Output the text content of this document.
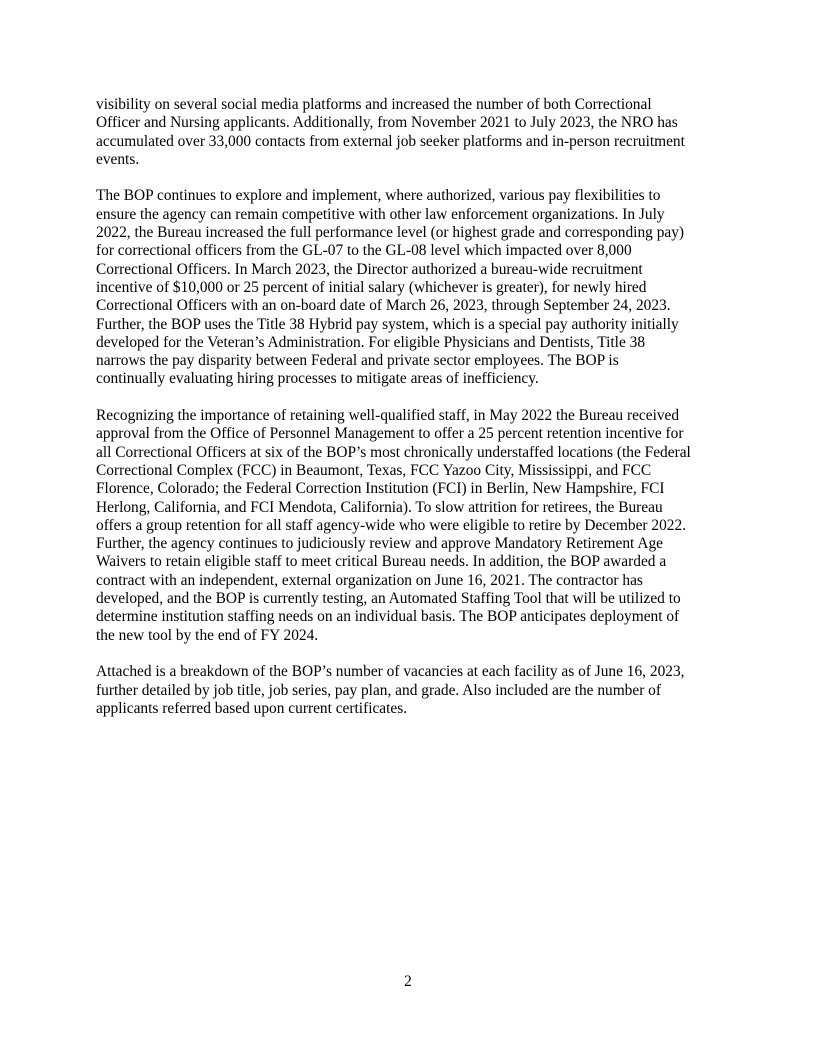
visibility on several social media platforms and increased the number of both Correctional
Officer and Nursing applicants. Additionally, from November 2021 to July 2023, the NRO has
accumulated over 33,000 contacts from external job seeker platforms and in-person recruitment
events.
The BOP continues to explore and implement, where authorized, various pay flexibilities to
ensure the agency can remain competitive with other law enforcement organizations. In July
2022, the Bureau increased the full performance level (or highest grade and corresponding pay)
for correctional officers from the GL-07 to the GL-08 level which impacted over 8,000
Correctional Officers. In March 2023, the Director authorized a bureau-wide recruitment
incentive of $10,000 or 25 percent of initial salary (whichever is greater), for newly hired
Correctional Officers with an on-board date of March 26, 2023, through September 24, 2023.
Further, the BOP uses the Title 38 Hybrid pay system, which is a special pay authority initially
developed for the Veteran’s Administration. For eligible Physicians and Dentists, Title 38
narrows the pay disparity between Federal and private sector employees. The BOP is
continually evaluating hiring processes to mitigate areas of inefficiency.
Recognizing the importance of retaining well-qualified staff, in May 2022 the Bureau received
approval from the Office of Personnel Management to offer a 25 percent retention incentive for
all Correctional Officers at six of the BOP’s most chronically understaffed locations (the Federal
Correctional Complex (FCC) in Beaumont, Texas, FCC Yazoo City, Mississippi, and FCC
Florence, Colorado; the Federal Correction Institution (FCI) in Berlin, New Hampshire, FCI
Herlong, California, and FCI Mendota, California). To slow attrition for retirees, the Bureau
offers a group retention for all staff agency-wide who were eligible to retire by December 2022.
Further, the agency continues to judiciously review and approve Mandatory Retirement Age
Waivers to retain eligible staff to meet critical Bureau needs. In addition, the BOP awarded a
contract with an independent, external organization on June 16, 2021. The contractor has
developed, and the BOP is currently testing, an Automated Staffing Tool that will be utilized to
determine institution staffing needs on an individual basis. The BOP anticipates deployment of
the new tool by the end of FY 2024.
Attached is a breakdown of the BOP’s number of vacancies at each facility as of June 16, 2023,
further detailed by job title, job series, pay plan, and grade. Also included are the number of
applicants referred based upon current certificates.
2
